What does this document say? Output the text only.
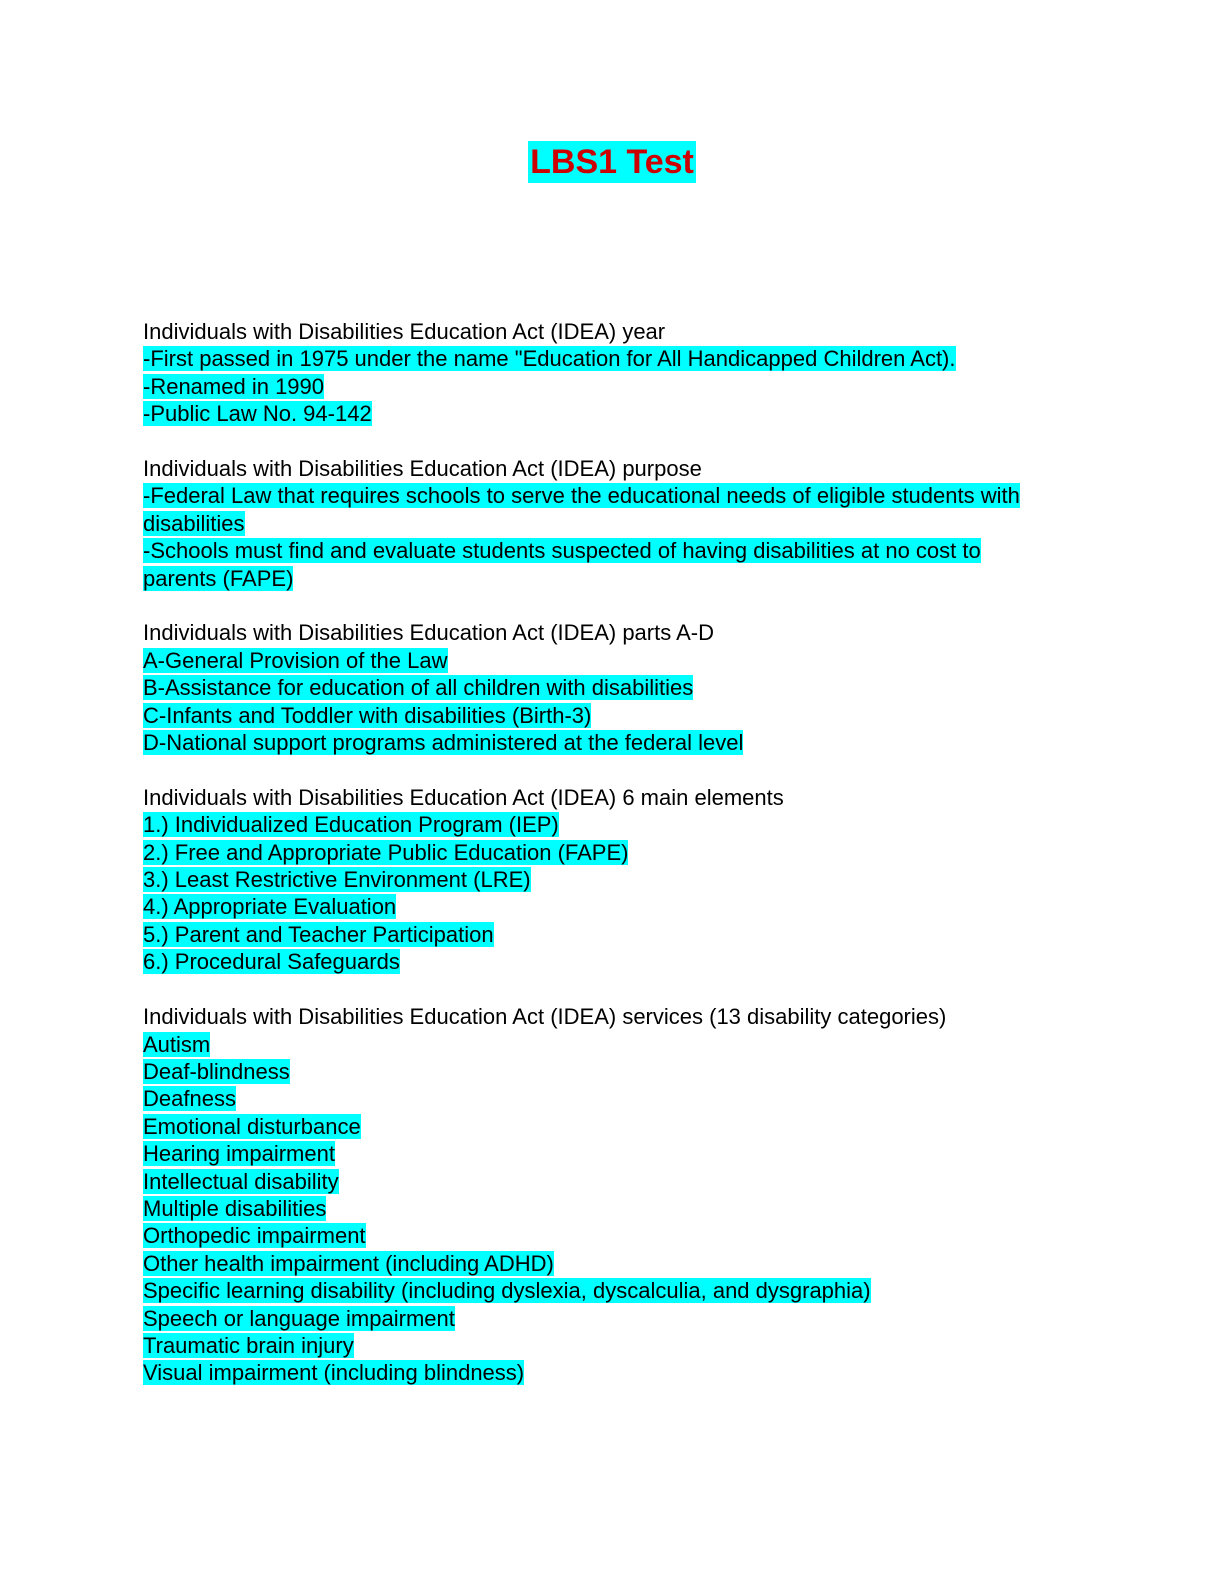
LBS1 Test
Individuals with Disabilities Education Act (IDEA) year
-First passed in 1975 under the name "Education for All Handicapped Children Act).
-Renamed in 1990
-Public Law No. 94-142
Individuals with Disabilities Education Act (IDEA) purpose
-Federal Law that requires schools to serve the educational needs of eligible students with disabilities
-Schools must find and evaluate students suspected of having disabilities at no cost to parents (FAPE)
Individuals with Disabilities Education Act (IDEA) parts A-D
A-General Provision of the Law
B-Assistance for education of all children with disabilities
C-Infants and Toddler with disabilities (Birth-3)
D-National support programs administered at the federal level
Individuals with Disabilities Education Act (IDEA) 6 main elements
1.) Individualized Education Program (IEP)
2.) Free and Appropriate Public Education (FAPE)
3.) Least Restrictive Environment (LRE)
4.) Appropriate Evaluation
5.) Parent and Teacher Participation
6.) Procedural Safeguards
Individuals with Disabilities Education Act (IDEA) services (13 disability categories)
Autism
Deaf-blindness
Deafness
Emotional disturbance
Hearing impairment
Intellectual disability
Multiple disabilities
Orthopedic impairment
Other health impairment (including ADHD)
Specific learning disability (including dyslexia, dyscalculia, and dysgraphia)
Speech or language impairment
Traumatic brain injury
Visual impairment (including blindness)
